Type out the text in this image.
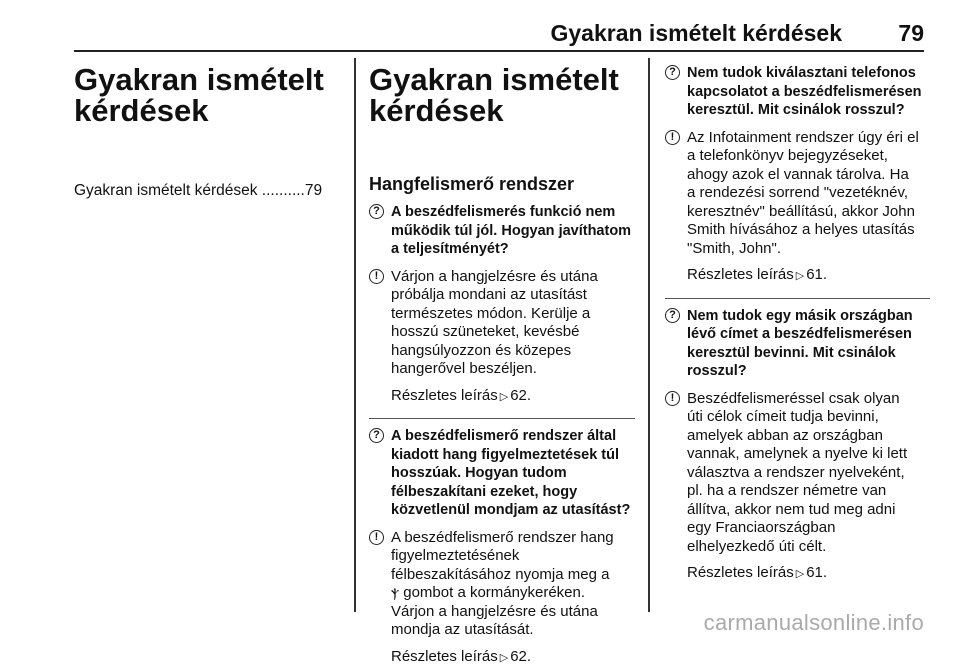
Gyakran ismételt kérdések 79
Gyakran ismételt
kérdések
Gyakran ismételt kérdések ..........79
Gyakran ismételt
kérdések
Hangfelismerő rendszer
? A beszédfelismerés funkció nem
működik túl jól. Hogyan javíthatom
a teljesítményét?
! Várjon a hangjelzésre és utána
próbálja mondani az utasítást
természetes módon. Kerülje a
hosszú szüneteket, kevésbé
hangsúlyozzon és közepes
hangerővel beszéljen.
Részletes leírás ▷ 62.
? A beszédfelismerő rendszer által
kiadott hang figyelmeztetések túl
hosszúak. Hogyan tudom
félbeszakítani ezeket, hogy
közvetlenül mondjam az utasítást?
! A beszédfelismerő rendszer hang
figyelmeztetésének
félbeszakításához nyomja meg a
ⲯ gombot a kormánykeréken.
Várjon a hangjelzésre és utána
mondja az utasítását.
Részletes leírás ▷ 62.
? Nem tudok kiválasztani telefonos
kapcsolatot a beszédfelismerésen
keresztül. Mit csinálok rosszul?
! Az Infotainment rendszer úgy éri el
a telefonkönyv bejegyzéseket,
ahogy azok el vannak tárolva. Ha
a rendezési sorrend "vezetéknév,
keresztnév" beállítású, akkor John
Smith hívásához a helyes utasítás
"Smith, John".
Részletes leírás ▷ 61.
? Nem tudok egy másik országban
lévő címet a beszédfelismerésen
keresztül bevinni. Mit csinálok
rosszul?
! Beszédfelismeréssel csak olyan
úti célok címeit tudja bevinni,
amelyek abban az országban
vannak, amelynek a nyelve ki lett
választva a rendszer nyelveként,
pl. ha a rendszer németre van
állítva, akkor nem tud meg adni
egy Franciaországban
elhelyezkedő úti célt.
Részletes leírás ▷ 61.
carmanualsonline.info
